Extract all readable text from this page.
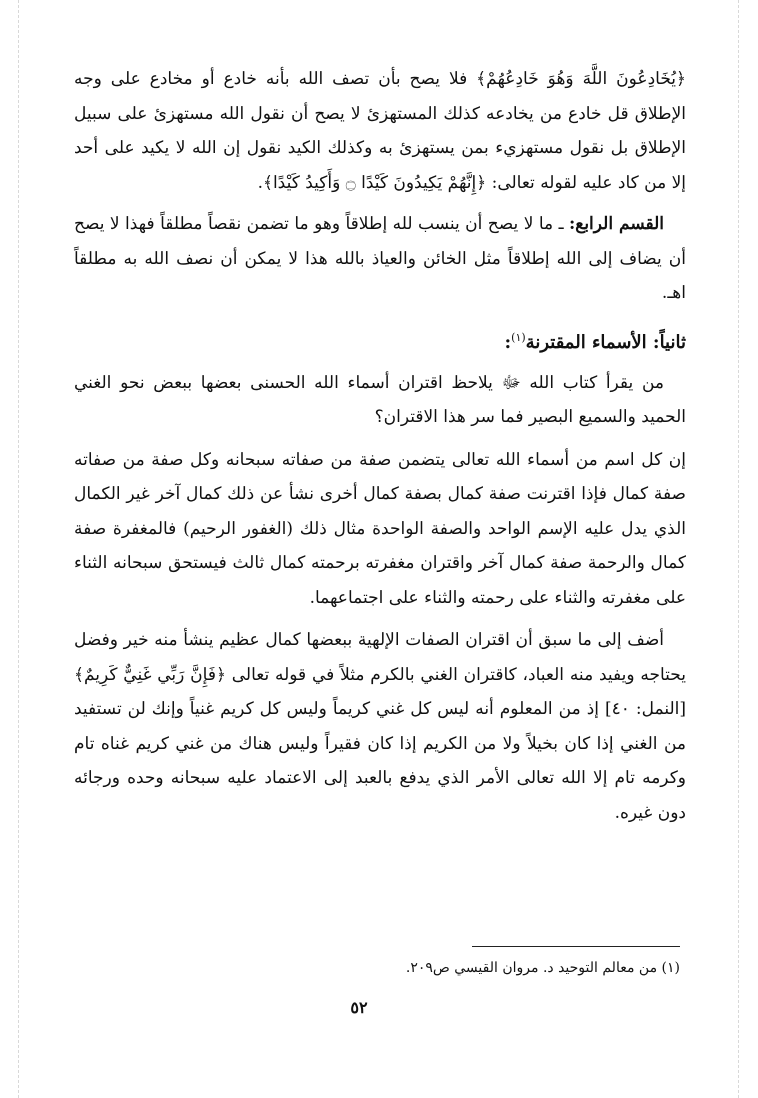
﴿يُخَادِعُونَ اللَّهَ وَهُوَ خَادِعُهُمْ﴾ فلا يصح بأن تصف الله بأنه خادع أو مخادع على وجه الإطلاق قل خادع من يخادعه كذلك المستهزئ لا يصح أن نقول الله مستهزئ على سبيل الإطلاق بل نقول مستهزيء بمن يستهزئ به وكذلك الكيد نقول إن الله لا يكيد على أحد إلا من كاد عليه لقوله تعالى: ﴿إِنَّهُمْ يَكِيدُونَ كَيْدًا ۝ وَأَكِيدُ كَيْدًا﴾.

القسم الرابع: ـ ما لا يصح أن ينسب لله إطلاقاً وهو ما تضمن نقصاً مطلقاً فهذا لا يصح أن يضاف إلى الله إطلاقاً مثل الخائن والعياذ بالله هذا لا يمكن أن نصف الله به مطلقاً اهـ.

ثانياً: الأسماء المقترنة$^{(١)}$:

من يقرأ كتاب الله ﷻ يلاحظ اقتران أسماء الله الحسنى بعضها ببعض نحو الغني الحميد والسميع البصير فما سر هذا الاقتران؟

إن كل اسم من أسماء الله تعالى يتضمن صفة من صفاته سبحانه وكل صفة من صفاته صفة كمال فإذا اقترنت صفة كمال بصفة كمال أخرى نشأ عن ذلك كمال آخر غير الكمال الذي يدل عليه الإسم الواحد والصفة الواحدة مثال ذلك (الغفور الرحيم) فالمغفرة صفة كمال والرحمة صفة كمال آخر واقتران مغفرته برحمته كمال ثالث فيستحق سبحانه الثناء على مغفرته والثناء على رحمته والثناء على اجتماعهما.

أضف إلى ما سبق أن اقتران الصفات الإلهية ببعضها كمال عظيم ينشأ منه خير وفضل يحتاجه ويفيد منه العباد، كاقتران الغني بالكرم مثلاً في قوله تعالى ﴿فَإِنَّ رَبِّي غَنِيٌّ كَرِيمٌ﴾ [النمل: ٤٠] إذ من المعلوم أنه ليس كل غني كريماً وليس كل كريم غنياً وإنك لن تستفيد من الغني إذا كان بخيلاً ولا من الكريم إذا كان فقيراً وليس هناك من غني كريم غناه تام وكرمه تام إلا الله تعالى الأمر الذي يدفع بالعبد إلى الاعتماد عليه سبحانه وحده ورجائه دون غيره.

(١) من معالم التوحيد د. مروان القيسي ص٢٠٩.
٥٢
